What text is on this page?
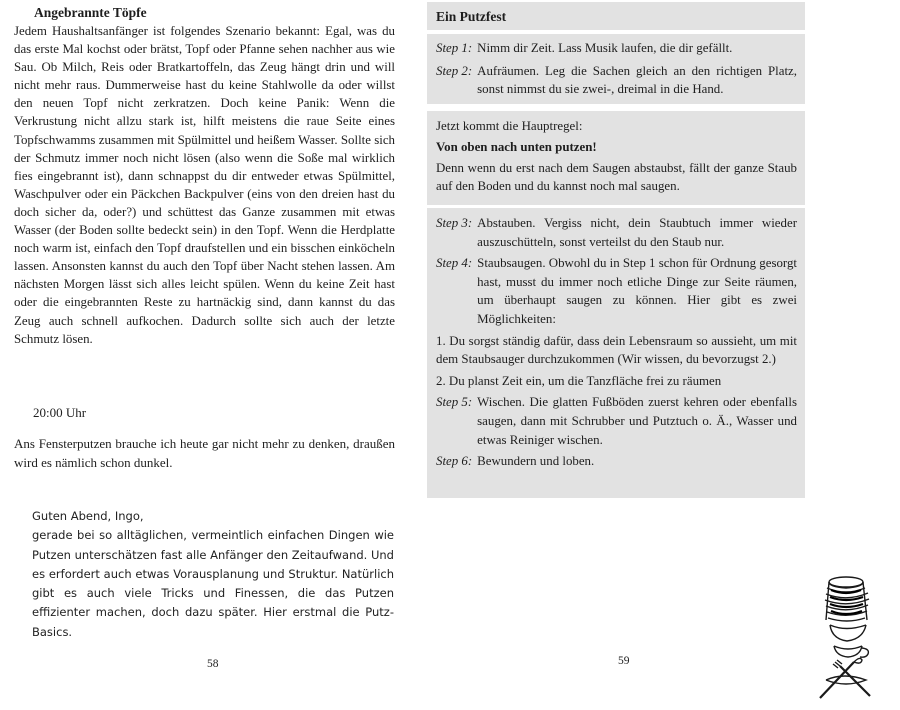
Angebrannte Töpfe
Jedem Haushaltsanfänger ist folgendes Szenario bekannt: Egal, was du das erste Mal kochst oder brätst, Topf oder Pfanne sehen nachher aus wie Sau. Ob Milch, Reis oder Bratkartoffeln, das Zeug hängt drin und will nicht mehr raus. Dummerweise hast du keine Stahlwolle da oder willst den neuen Topf nicht zerkratzen. Doch keine Panik: Wenn die Verkrustung nicht allzu stark ist, hilft meistens die raue Seite eines Topfschwamms zusammen mit Spülmittel und heißem Wasser. Sollte sich der Schmutz immer noch nicht lösen (also wenn die Soße mal wirklich fies eingebrannt ist), dann schnappst du dir entweder etwas Spülmittel, Waschpulver oder ein Päckchen Backpulver (eins von den dreien hast du doch sicher da, oder?) und schüttest das Ganze zusammen mit etwas Wasser (der Boden sollte bedeckt sein) in den Topf. Wenn die Herdplatte noch warm ist, einfach den Topf draufstellen und ein bisschen einköcheln lassen. Ansonsten kannst du auch den Topf über Nacht stehen lassen. Am nächsten Morgen lässt sich alles leicht spülen. Wenn du keine Zeit hast oder die eingebrannten Reste zu hartnäckig sind, dann kannst du das Zeug auch schnell aufkochen. Dadurch sollte sich auch der letzte Schmutz lösen.
20:00 Uhr
Ans Fensterputzen brauche ich heute gar nicht mehr zu denken, draußen wird es nämlich schon dunkel.
Guten Abend, Ingo,
gerade bei so alltäglichen, vermeintlich einfachen Dingen wie Putzen unterschätzen fast alle Anfänger den Zeitaufwand. Und es erfordert auch etwas Vorausplanung und Struktur. Natürlich gibt es auch viele Tricks und Finessen, die das Putzen effizienter machen, doch dazu später. Hier erstmal die Putz-Basics.
58
Ein Putzfest
Step 1: Nimm dir Zeit. Lass Musik laufen, die dir gefällt.
Step 2: Aufräumen. Leg die Sachen gleich an den richtigen Platz, sonst nimmst du sie zwei-, dreimal in die Hand.
Jetzt kommt die Hauptregel:
Von oben nach unten putzen!
Denn wenn du erst nach dem Saugen abstaubst, fällt der ganze Staub auf den Boden und du kannst noch mal saugen.
Step 3: Abstauben. Vergiss nicht, dein Staubtuch immer wieder auszuschütteln, sonst verteilst du den Staub nur.
Step 4: Staubsaugen. Obwohl du in Step 1 schon für Ordnung gesorgt hast, musst du immer noch etliche Dinge zur Seite räumen, um überhaupt saugen zu können. Hier gibt es zwei Möglichkeiten:
1. Du sorgst ständig dafür, dass dein Lebensraum so aussieht, um mit dem Staubsauger durchzukommen (Wir wissen, du bevorzugst 2.)
2. Du planst Zeit ein, um die Tanzfläche frei zu räumen
Step 5: Wischen. Die glatten Fußböden zuerst kehren oder ebenfalls saugen, dann mit Schrubber und Putztuch o. Ä., Wasser und etwas Reiniger wischen.
Step 6: Bewundern und loben.
59
